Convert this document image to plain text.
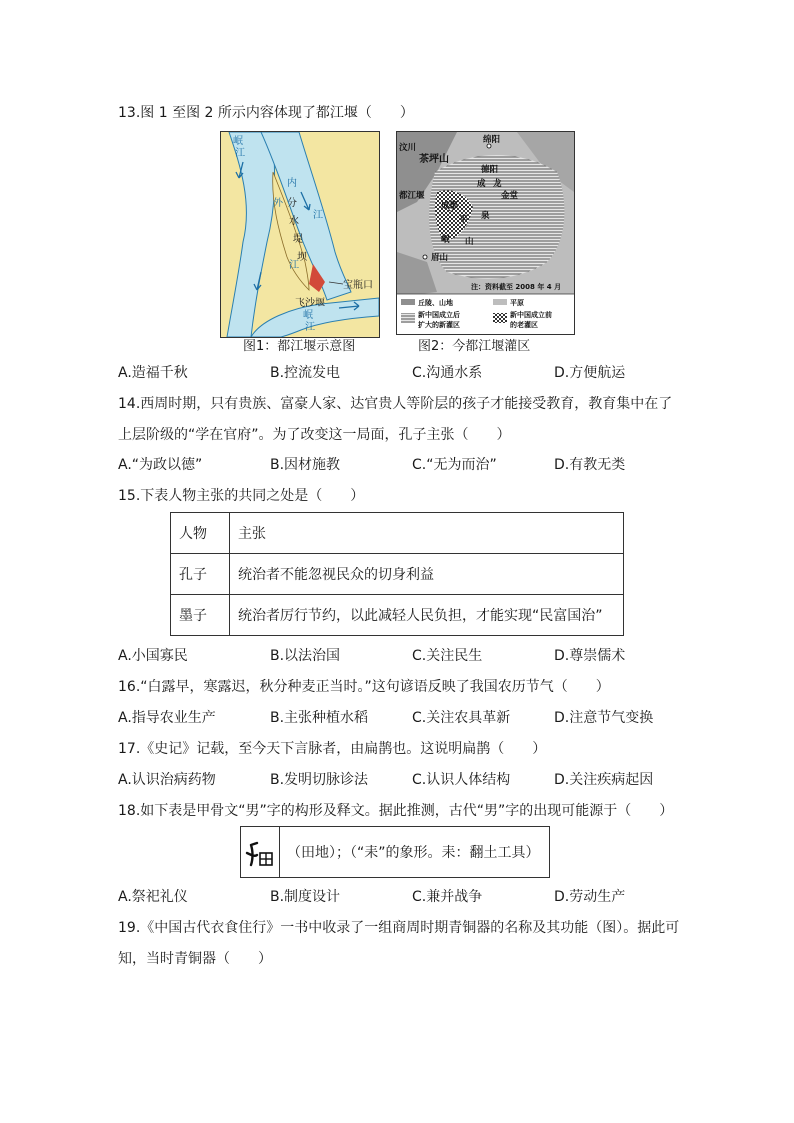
13.图 1 至图 2 所示内容体现了都江堰（　　）
岷
江
内
江
外
江
分
水
堤
坝
宝瓶口
飞沙堰
岷
江
绵阳
汶川
茶坪山
德阳
成 龙
都江堰	金堂
成都
平 泉
岷 山
眉山
注：资料截至 2008 年 4 月
丘陵、山地	平原
新中国成立后
扩大的新灌区
新中国成立前
的老灌区
图1：都江堰示意图	图2：今都江堰灌区
A.造福千秋	B.控流发电	C.沟通水系	D.方便航运
14.西周时期，只有贵族、富豪人家、达官贵人等阶层的孩子才能接受教育，教育集中在了
上层阶级的“学在官府”。为了改变这一局面，孔子主张（　　）
A.“为政以德”	B.因材施教	C.“无为而治”	D.有教无类
15.下表人物主张的共同之处是（　　）
人物	主张
孔子	统治者不能忽视民众的切身利益
墨子	统治者厉行节约，以此减轻人民负担，才能实现“民富国治”
A.小国寡民	B.以法治国	C.关注民生	D.尊崇儒术
16.“白露早，寒露迟，秋分种麦正当时。”这句谚语反映了我国农历节气（　　）
A.指导农业生产	B.主张种植水稻	C.关注农具革新	D.注意节气变换
17.《史记》记载，至今天下言脉者，由扁鹊也。这说明扁鹊（　　）
A.认识治病药物	B.发明切脉诊法	C.认识人体结构	D.关注疾病起因
18.如下表是甲骨文“男”字的构形及释文。据此推测，古代“男”字的出现可能源于（　　）
（田地）；（“耒”的象形。耒：翻土工具）
A.祭祀礼仪	B.制度设计	C.兼并战争	D.劳动生产
19.《中国古代衣食住行》一书中收录了一组商周时期青铜器的名称及其功能（图）。据此可
知，当时青铜器（　　）
